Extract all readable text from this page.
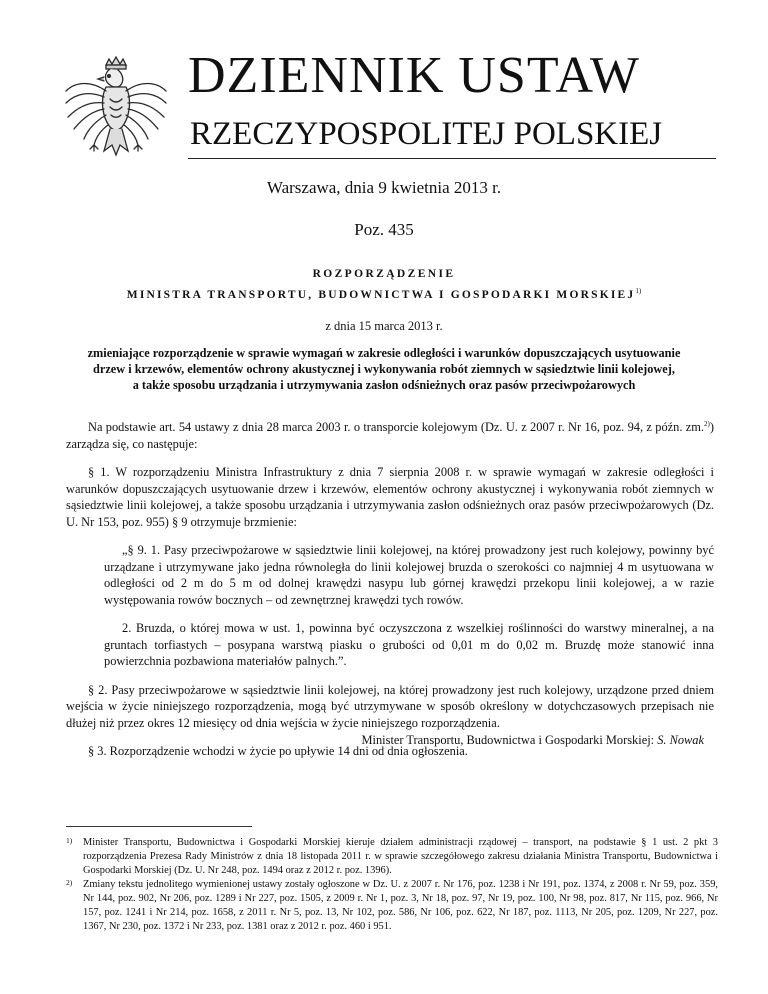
DZIENNIK USTAW
RZECZYPOSPOLITEJ POLSKIEJ
Warszawa, dnia 9 kwietnia 2013 r.
Poz. 435
ROZPORZĄDZENIE
MINISTRA TRANSPORTU, BUDOWNICTWA I GOSPODARKI MORSKIEJ$^{1)}$
z dnia 15 marca 2013 r.
zmieniające rozporządzenie w sprawie wymagań w zakresie odległości i warunków dopuszczających usytuowanie
drzew i krzewów, elementów ochrony akustycznej i wykonywania robót ziemnych w sąsiedztwie linii kolejowej,
a także sposobu urządzania i utrzymywania zasłon odśnieżnych oraz pasów przeciwpożarowych

Na podstawie art. 54 ustawy z dnia 28 marca 2003 r. o transporcie kolejowym (Dz. U. z 2007 r. Nr 16, poz. 94, z późn. zm.$^{2)}$) zarządza się, co następuje:

§ 1. W rozporządzeniu Ministra Infrastruktury z dnia 7 sierpnia 2008 r. w sprawie wymagań w zakresie odległości i warunków dopuszczających usytuowanie drzew i krzewów, elementów ochrony akustycznej i wykonywania robót ziemnych w sąsiedztwie linii kolejowej, a także sposobu urządzania i utrzymywania zasłon odśnieżnych oraz pasów przeciwpożarowych (Dz. U. Nr 153, poz. 955) § 9 otrzymuje brzmienie:

„§ 9. 1. Pasy przeciwpożarowe w sąsiedztwie linii kolejowej, na której prowadzony jest ruch kolejowy, powinny być urządzane i utrzymywane jako jedna równoległa do linii kolejowej bruzda o szerokości co najmniej 4 m usytuowana w odległości od 2 m do 5 m od dolnej krawędzi nasypu lub górnej krawędzi przekopu linii kolejowej, a w razie występowania rowów bocznych – od zewnętrznej krawędzi tych rowów.

2. Bruzda, o której mowa w ust. 1, powinna być oczyszczona z wszelkiej roślinności do warstwy mineralnej, a na gruntach torfiastych – posypana warstwą piasku o grubości od 0,01 m do 0,02 m. Bruzdę może stanowić inna powierzchnia pozbawiona materiałów palnych.”.

§ 2. Pasy przeciwpożarowe w sąsiedztwie linii kolejowej, na której prowadzony jest ruch kolejowy, urządzone przed dniem wejścia w życie niniejszego rozporządzenia, mogą być utrzymywane w sposób określony w dotychczasowych przepisach nie dłużej niż przez okres 12 miesięcy od dnia wejścia w życie niniejszego rozporządzenia.

§ 3. Rozporządzenie wchodzi w życie po upływie 14 dni od dnia ogłoszenia.

Minister Transportu, Budownictwa i Gospodarki Morskiej: S. Nowak
1) Minister Transportu, Budownictwa i Gospodarki Morskiej kieruje działem administracji rządowej – transport, na podstawie § 1 ust. 2 pkt 3 rozporządzenia Prezesa Rady Ministrów z dnia 18 listopada 2011 r. w sprawie szczegółowego zakresu działania Ministra Transportu, Budownictwa i Gospodarki Morskiej (Dz. U. Nr 248, poz. 1494 oraz z 2012 r. poz. 1396).
2) Zmiany tekstu jednolitego wymienionej ustawy zostały ogłoszone w Dz. U. z 2007 r. Nr 176, poz. 1238 i Nr 191, poz. 1374, z 2008 r. Nr 59, poz. 359, Nr 144, poz. 902, Nr 206, poz. 1289 i Nr 227, poz. 1505, z 2009 r. Nr 1, poz. 3, Nr 18, poz. 97, Nr 19, poz. 100, Nr 98, poz. 817, Nr 115, poz. 966, Nr 157, poz. 1241 i Nr 214, poz. 1658, z 2011 r. Nr 5, poz. 13, Nr 102, poz. 586, Nr 106, poz. 622, Nr 187, poz. 1113, Nr 205, poz. 1209, Nr 227, poz. 1367, Nr 230, poz. 1372 i Nr 233, poz. 1381 oraz z 2012 r. poz. 460 i 951.
